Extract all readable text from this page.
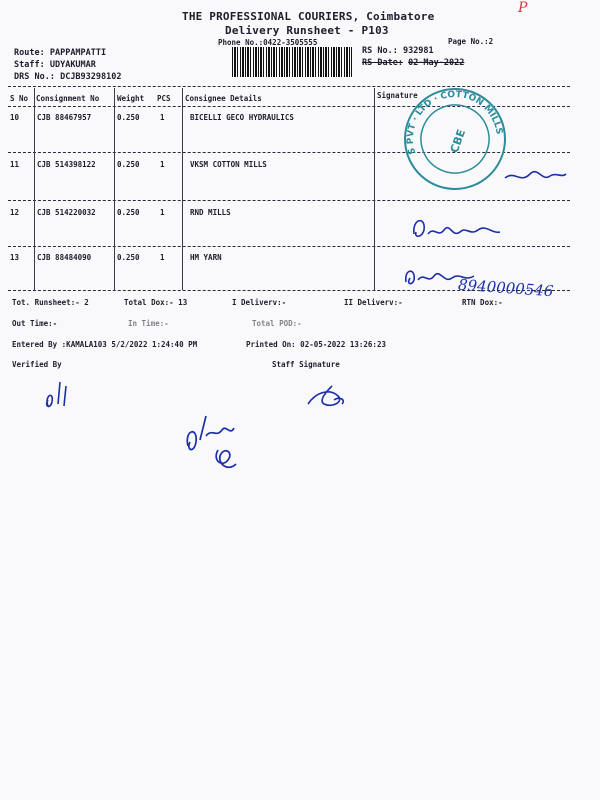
THE PROFESSIONAL COURIERS, Coimbatore
Delivery Runsheet - P103
Phone No.:0422-3505555	Page No.:2
P
Route: PAPPAMPATTI
Staff: UDYAKUMAR
DRS No.: DCJB93298102
RS No.: 932981
RS Date: 02-May-2022
S No Consignment No Weight PCS Consignee Details	Signature
10 CJB 88467957	0.250	1	BICELLI GECO HYDRAULICS
11 CJB 514398122	0.250	1	VKSM COTTON MILLS
12 CJB 514220032	0.250	1	RND MILLS
13 CJB 88484090	0.250	1	HM YARN
S PVT · LTD · COTTON MILLS
CBE
8940000546
Tot. Runsheet:- 2	Total Dox:- 13	I Deliverv:-	II Deliverv:-	RTN Dox:-
Out Time:-	In Time:-	Total POD:-
Entered By :KAMALA103 5/2/2022 1:24:40 PM	Printed On: 02-05-2022 13:26:23
Verified By	Staff Signature
